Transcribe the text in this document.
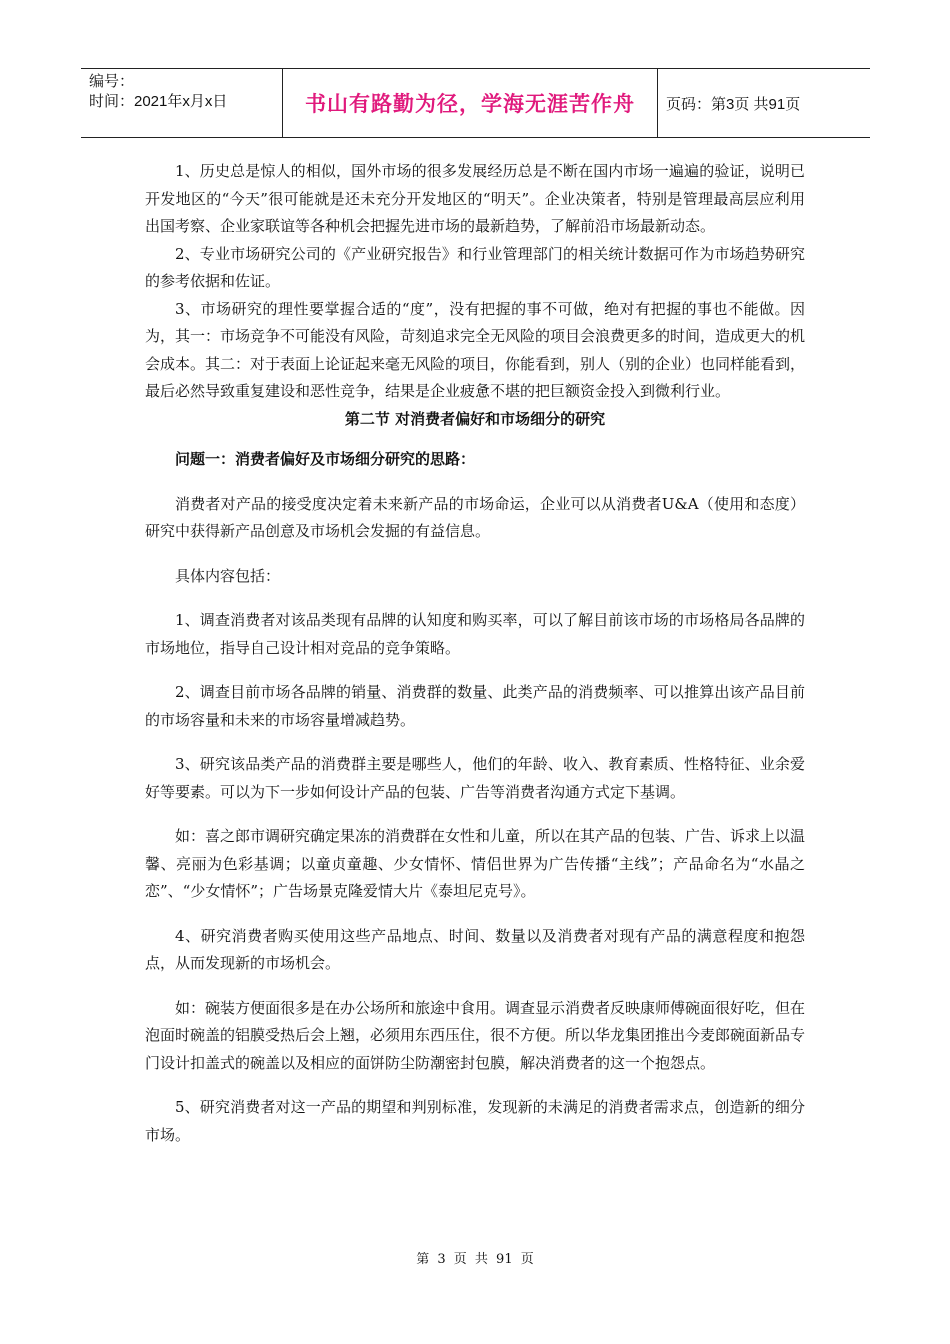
编号：
时间：2021年x月x日	书山有路勤为径，学海无涯苦作舟 页码：第3页 共91页

1、历史总是惊人的相似，国外市场的很多发展经历总是不断在国内市场一遍遍的验证，说明已开发地区的“今天”很可能就是还未充分开发地区的“明天”。企业决策者，特别是管理最高层应利用出国考察、企业家联谊等各种机会把握先进市场的最新趋势，了解前沿市场最新动态。

2、专业市场研究公司的《产业研究报告》和行业管理部门的相关统计数据可作为市场趋势研究的参考依据和佐证。

3、市场研究的理性要掌握合适的“度”，没有把握的事不可做，绝对有把握的事也不能做。因为，其一：市场竞争不可能没有风险，苛刻追求完全无风险的项目会浪费更多的时间，造成更大的机会成本。其二：对于表面上论证起来毫无风险的项目，你能看到，别人（别的企业）也同样能看到，最后必然导致重复建设和恶性竞争，结果是企业疲惫不堪的把巨额资金投入到微利行业。

第二节 对消费者偏好和市场细分的研究

问题一：消费者偏好及市场细分研究的思路：

消费者对产品的接受度决定着未来新产品的市场命运，企业可以从消费者U&A（使用和态度）研究中获得新产品创意及市场机会发掘的有益信息。

具体内容包括：

1、调查消费者对该品类现有品牌的认知度和购买率，可以了解目前该市场的市场格局各品牌的市场地位，指导自己设计相对竞品的竞争策略。

2、调查目前市场各品牌的销量、消费群的数量、此类产品的消费频率、可以推算出该产品目前的市场容量和未来的市场容量增减趋势。

3、研究该品类产品的消费群主要是哪些人，他们的年龄、收入、教育素质、性格特征、业余爱好等要素。可以为下一步如何设计产品的包装、广告等消费者沟通方式定下基调。

如：喜之郎市调研究确定果冻的消费群在女性和儿童，所以在其产品的包装、广告、诉求上以温馨、亮丽为色彩基调；以童贞童趣、少女情怀、情侣世界为广告传播“主线”；产品命名为“水晶之恋”、“少女情怀”；广告场景克隆爱情大片《泰坦尼克号》。

4、研究消费者购买使用这些产品地点、时间、数量以及消费者对现有产品的满意程度和抱怨点，从而发现新的市场机会。

如：碗装方便面很多是在办公场所和旅途中食用。调查显示消费者反映康师傅碗面很好吃，但在泡面时碗盖的铝膜受热后会上翘，必须用东西压住，很不方便。所以华龙集团推出今麦郎碗面新品专门设计扣盖式的碗盖以及相应的面饼防尘防潮密封包膜，解决消费者的这一个抱怨点。

5、研究消费者对这一产品的期望和判别标准，发现新的未满足的消费者需求点，创造新的细分市场。

第 3 页 共 91 页
